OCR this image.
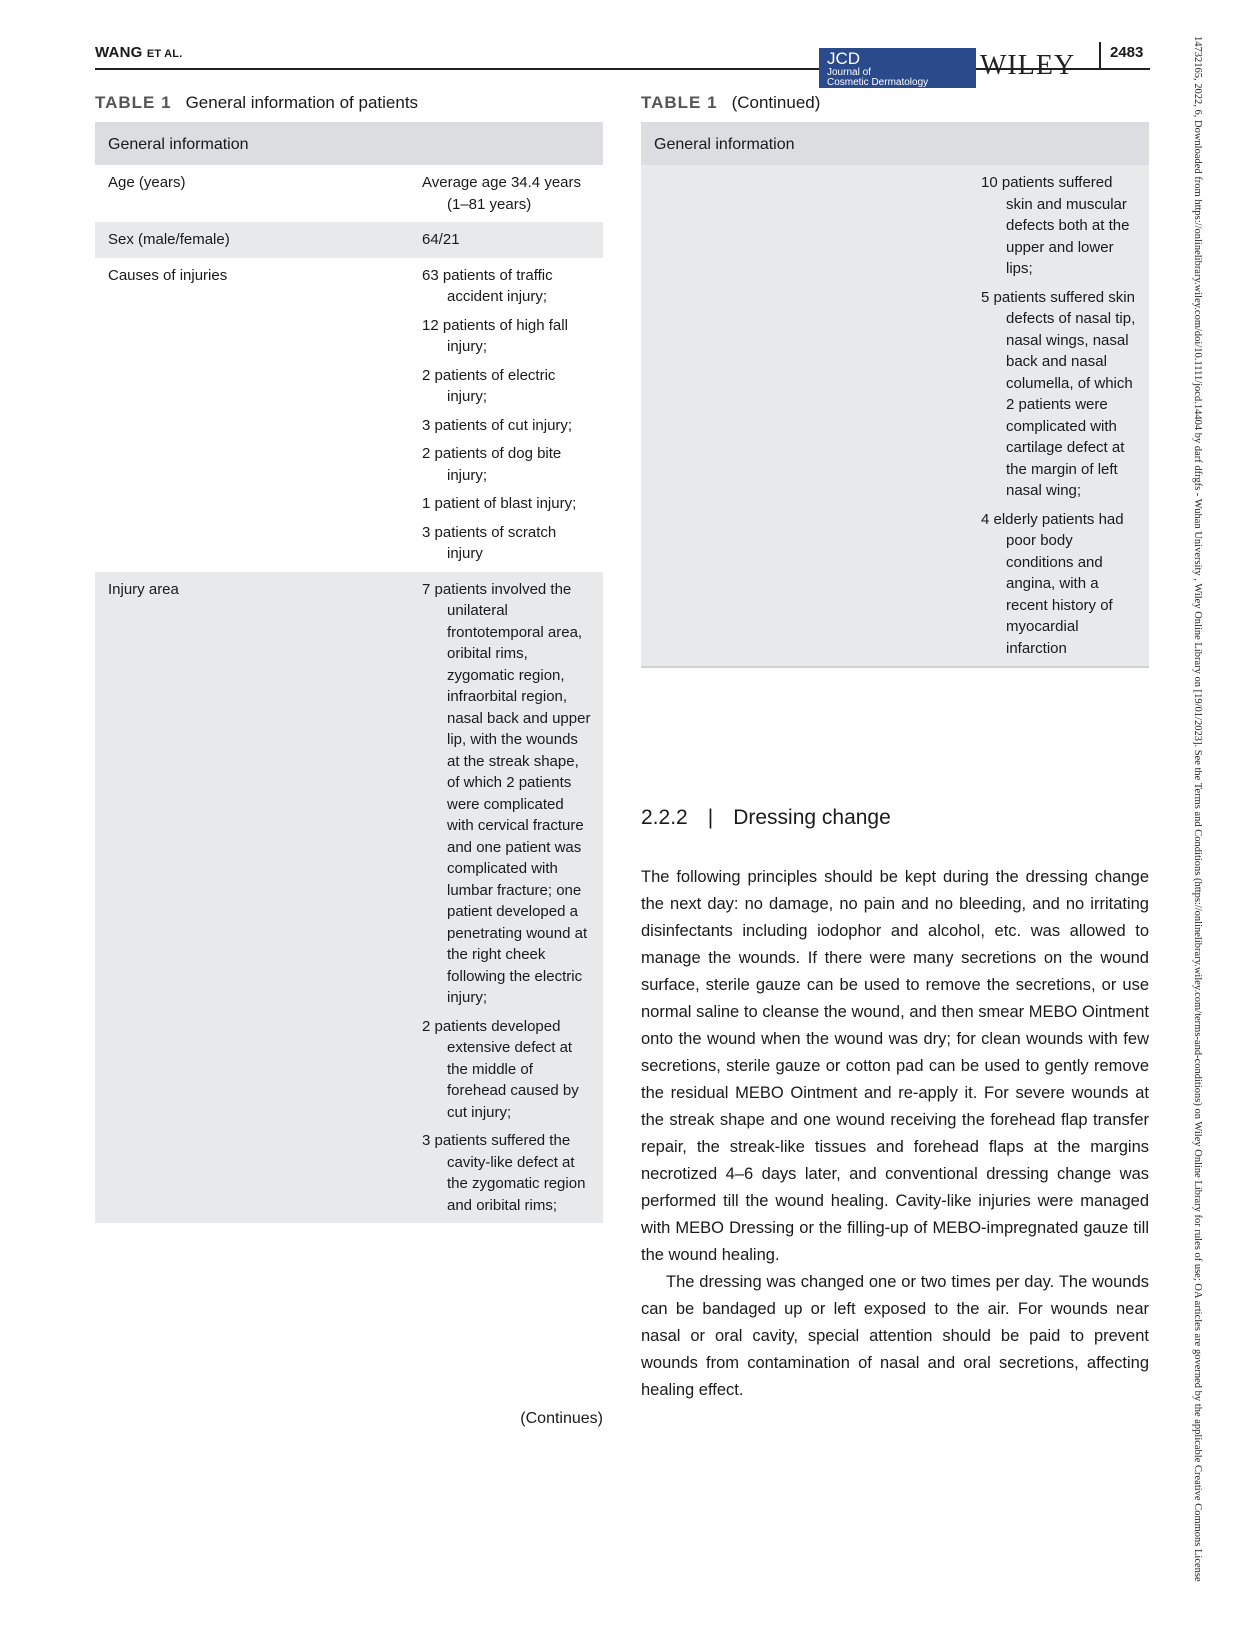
WANG ET AL.	JCD
Journal of
Cosmetic Dermatology
WILEY 2483
TABLE 1 General information of patients
General information
Age (years)	Average age 34.4 years (1–81 years)
Sex (male/female)	64/21
Causes of injuries	63 patients of traffic accident injury;
12 patients of high fall injury;
2 patients of electric injury;
3 patients of cut injury;
2 patients of dog bite injury;
1 patient of blast injury;
3 patients of scratch injury
Injury area	7 patients involved the unilateral frontotemporal area, oribital rims, zygomatic region, infraorbital region, nasal back and upper lip, with the wounds at the streak shape, of which 2 patients were complicated with cervical fracture and one patient was complicated with lumbar fracture; one patient developed a penetrating wound at the right cheek following the electric injury;
2 patients developed extensive defect at the middle of forehead caused by cut injury;
3 patients suffered the cavity-like defect at the zygomatic region and oribital rims;
(Continues)
TABLE 1 (Continued)
General information
10 patients suffered skin and muscular defects both at the upper and lower lips;
5 patients suffered skin defects of nasal tip, nasal wings, nasal back and nasal columella, of which 2 patients were complicated with cartilage defect at the margin of left nasal wing;
4 elderly patients had poor body conditions and angina, with a recent history of myocardial infarction
2.2.2 | Dressing change

The following principles should be kept during the dressing change the next day: no damage, no pain and no bleeding, and no irritating disinfectants including iodophor and alcohol, etc. was allowed to manage the wounds. If there were many secretions on the wound surface, sterile gauze can be used to remove the secretions, or use normal saline to cleanse the wound, and then smear MEBO Ointment onto the wound when the wound was dry; for clean wounds with few secretions, sterile gauze or cotton pad can be used to gently remove the residual MEBO Ointment and re-apply it. For severe wounds at the streak shape and one wound receiving the forehead flap transfer repair, the streak-like tissues and forehead flaps at the margins necrotized 4–6 days later, and conventional dressing change was performed till the wound healing. Cavity-like injuries were managed with MEBO Dressing or the filling-up of MEBO-impregnated gauze till the wound healing.

The dressing was changed one or two times per day. The wounds can be bandaged up or left exposed to the air. For wounds near nasal or oral cavity, special attention should be paid to prevent wounds from contamination of nasal and oral secretions, affecting healing effect.	14732165, 2022, 6, Downloaded from https://onlinelibrary.wiley.com/doi/10.1111/jocd.14404 by darf dfrgfs - Wuhan University , Wiley Online Library on [19/01/2023]. See the Terms and Conditions (https://onlinelibrary.wiley.com/terms-and-conditions) on Wiley Online Library for rules of use; OA articles are governed by the applicable Creative Commons License
